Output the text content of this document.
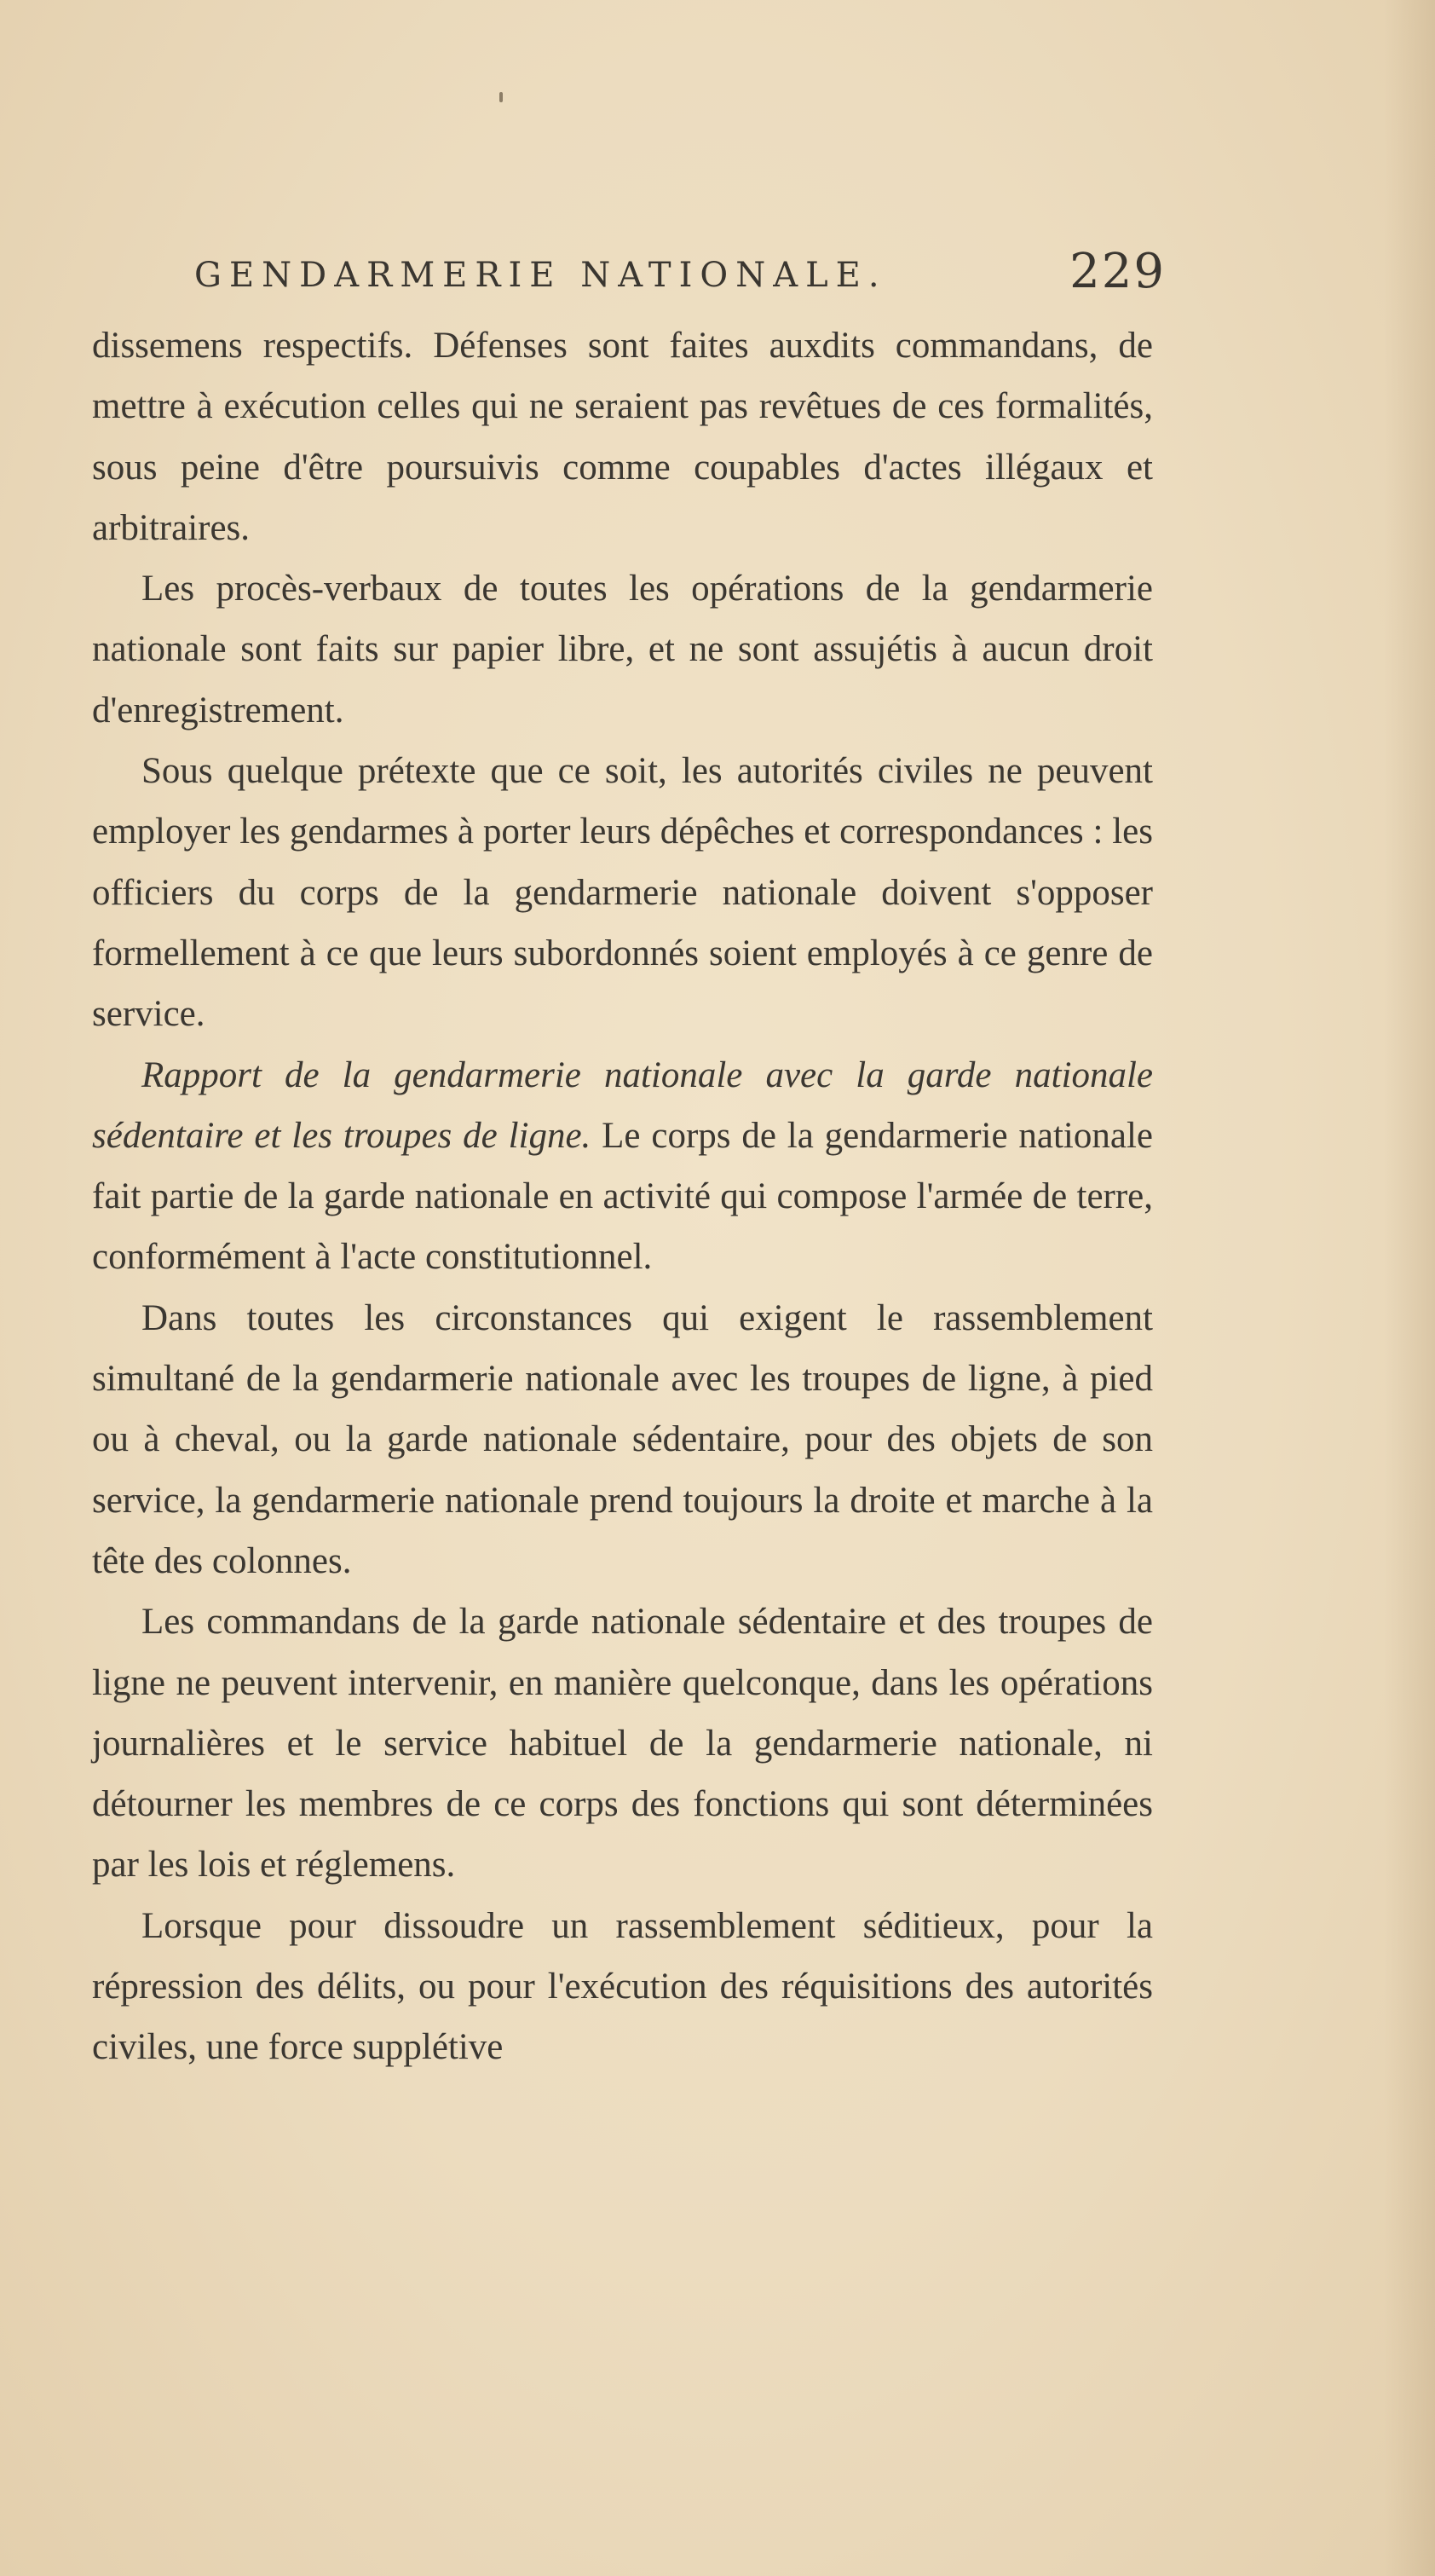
GENDARMERIE NATIONALE.	229

dissemens respectifs. Défenses sont faites auxdits commandans, de mettre à exécution celles qui ne seraient pas revêtues de ces formalités, sous peine d'être poursuivis comme coupables d'actes illégaux et arbitraires.

Les procès-verbaux de toutes les opérations de la gendarmerie nationale sont faits sur papier libre, et ne sont assujétis à aucun droit d'enregistrement.

Sous quelque prétexte que ce soit, les autorités civiles ne peuvent employer les gendarmes à porter leurs dépêches et correspondances : les officiers du corps de la gendarmerie nationale doivent s'opposer formellement à ce que leurs subordonnés soient employés à ce genre de service.

Rapport de la gendarmerie nationale avec la garde nationale sédentaire et les troupes de ligne. Le corps de la gendarmerie nationale fait partie de la garde nationale en activité qui compose l'armée de terre, conformément à l'acte constitutionnel.

Dans toutes les circonstances qui exigent le rassemblement simultané de la gendarmerie nationale avec les troupes de ligne, à pied ou à cheval, ou la garde nationale sédentaire, pour des objets de son service, la gendarmerie nationale prend toujours la droite et marche à la tête des colonnes.

Les commandans de la garde nationale sédentaire et des troupes de ligne ne peuvent intervenir, en manière quelconque, dans les opérations journalières et le service habituel de la gendarmerie nationale, ni détourner les membres de ce corps des fonctions qui sont déterminées par les lois et réglemens.

Lorsque pour dissoudre un rassemblement séditieux, pour la répression des délits, ou pour l'exécution des réquisitions des autorités civiles, une force supplétive
